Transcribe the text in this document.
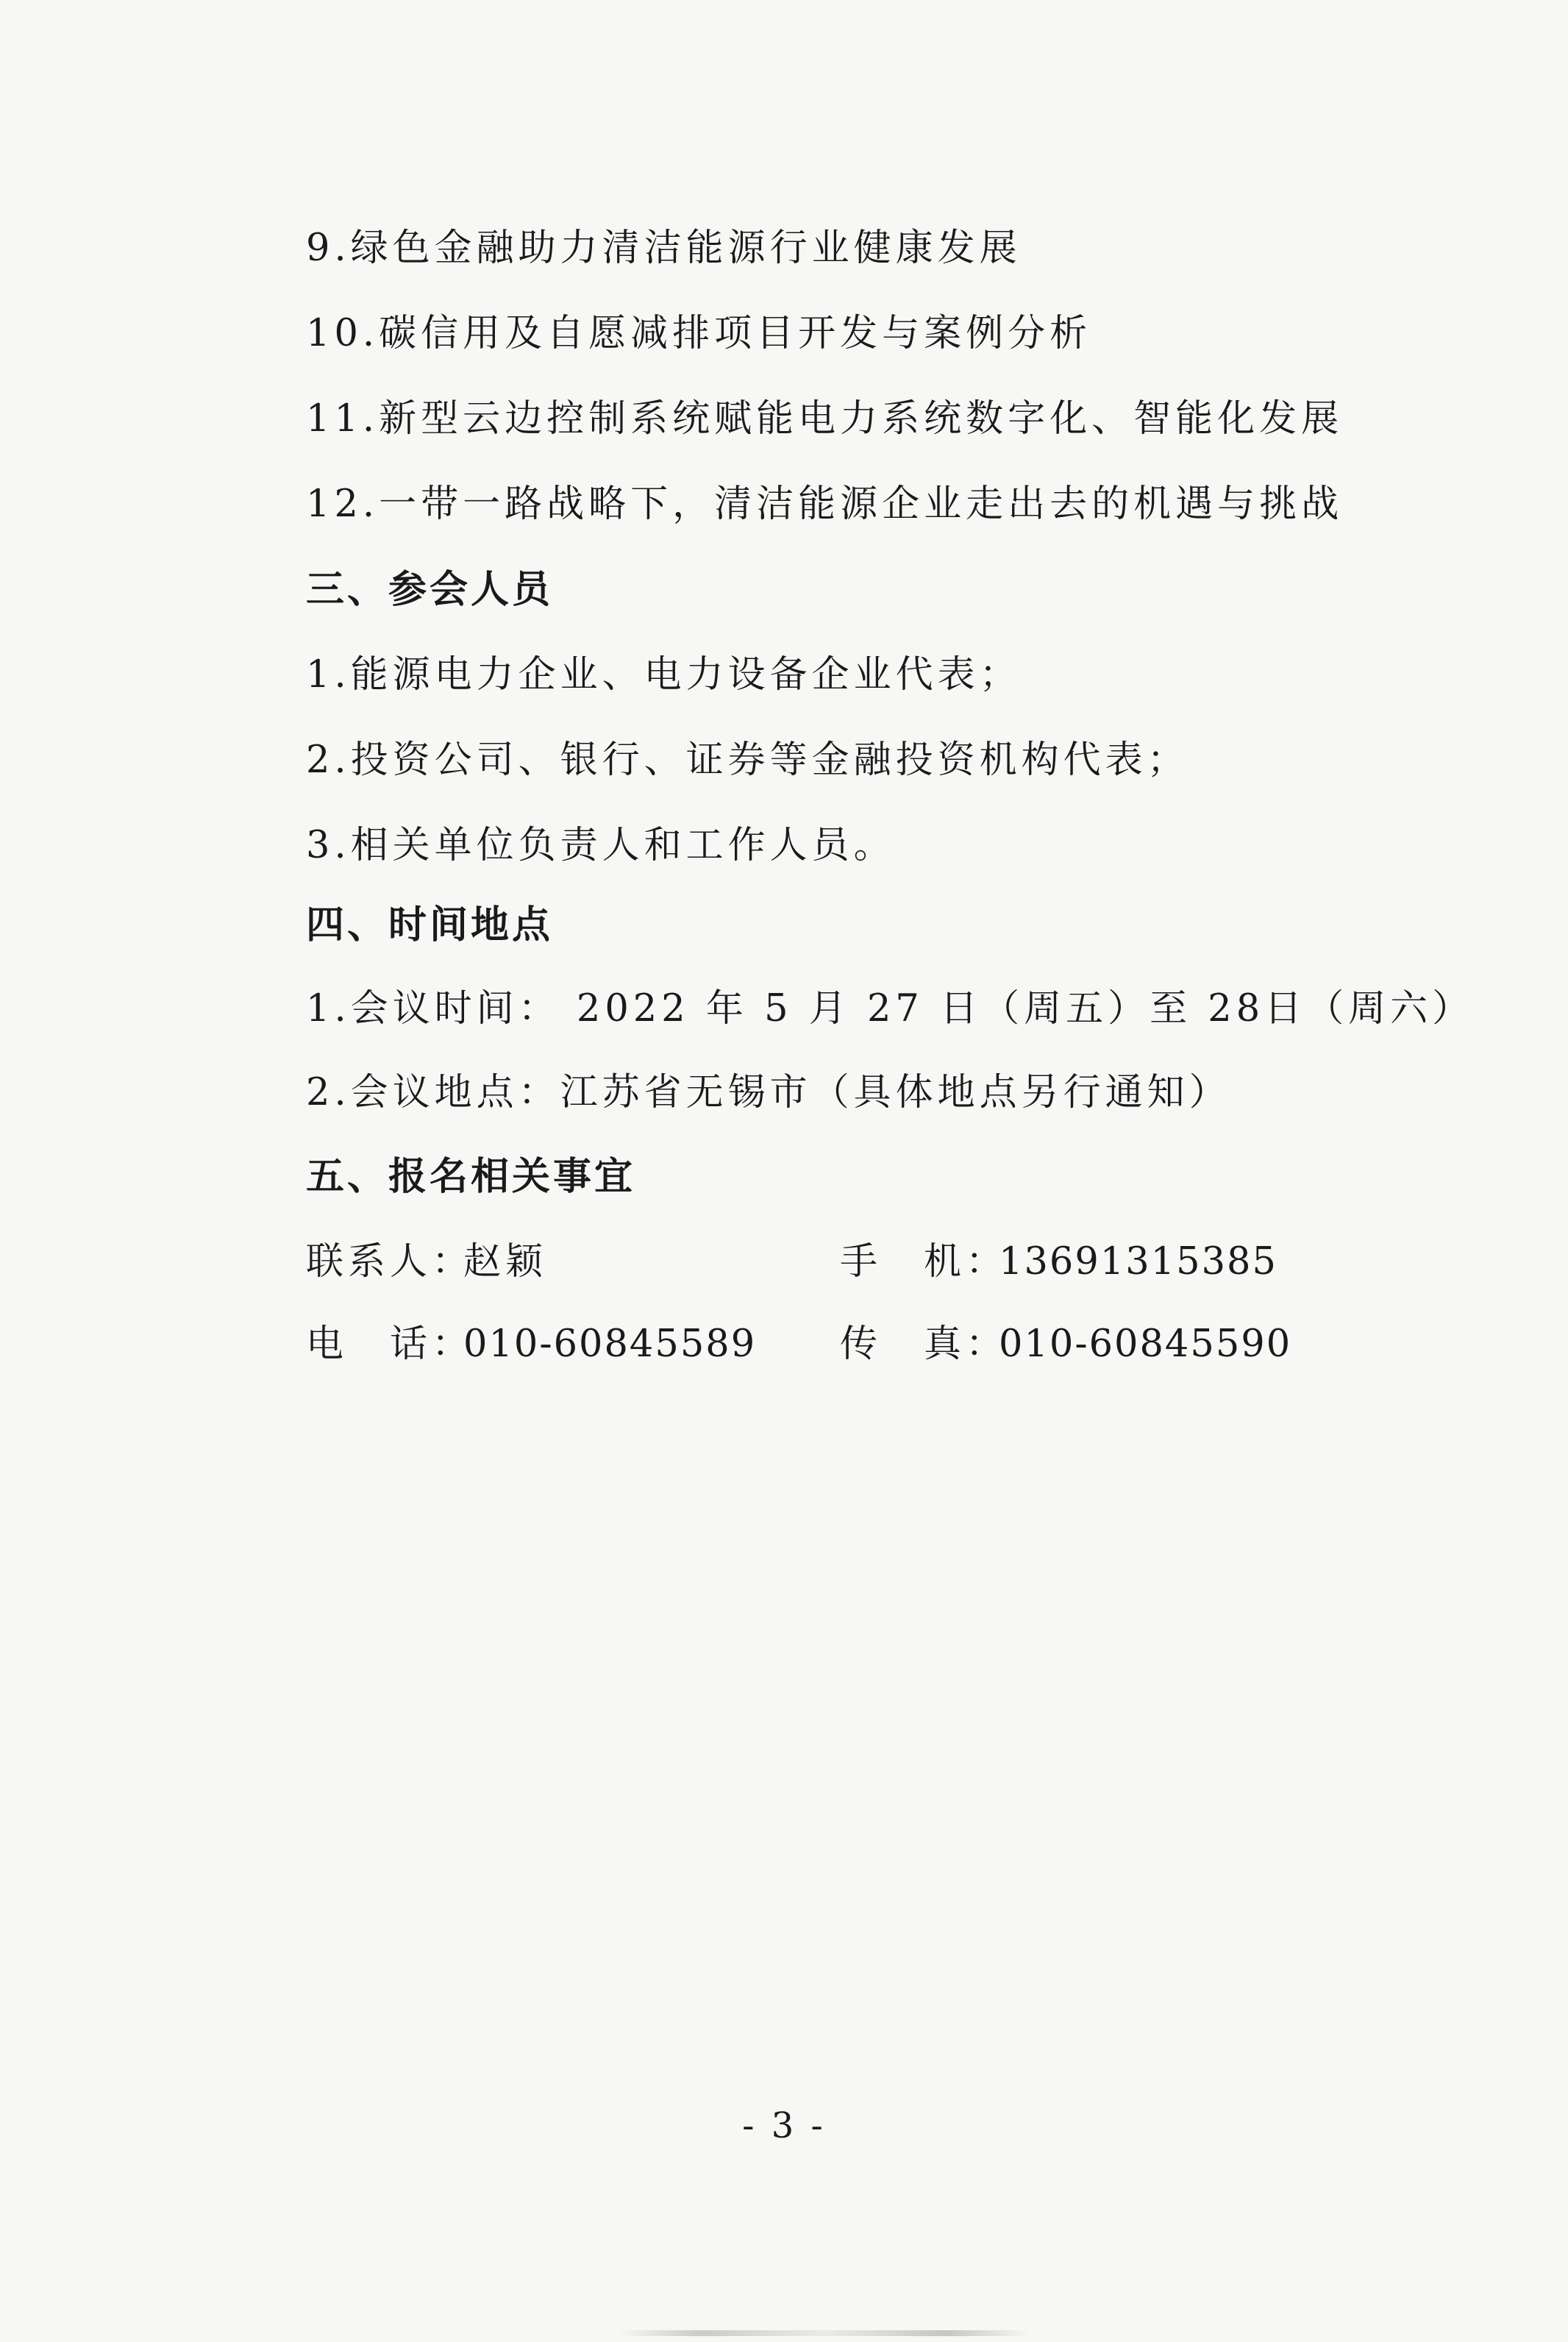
9.绿色金融助力清洁能源行业健康发展
10.碳信用及自愿减排项目开发与案例分析
11.新型云边控制系统赋能电力系统数字化、智能化发展
12.一带一路战略下，清洁能源企业走出去的机遇与挑战
三、参会人员
1.能源电力企业、电力设备企业代表；
2.投资公司、银行、证券等金融投资机构代表；
3.相关单位负责人和工作人员。
四、时间地点
1.会议时间： 2022 年 5 月 27 日（周五）至 28日（周六）
2.会议地点：江苏省无锡市（具体地点另行通知）
五、报名相关事宜
联系人：
赵颖	手　机：
13691315385
电　话：
010-60845589 传　真：
010-60845590
- 3 -
